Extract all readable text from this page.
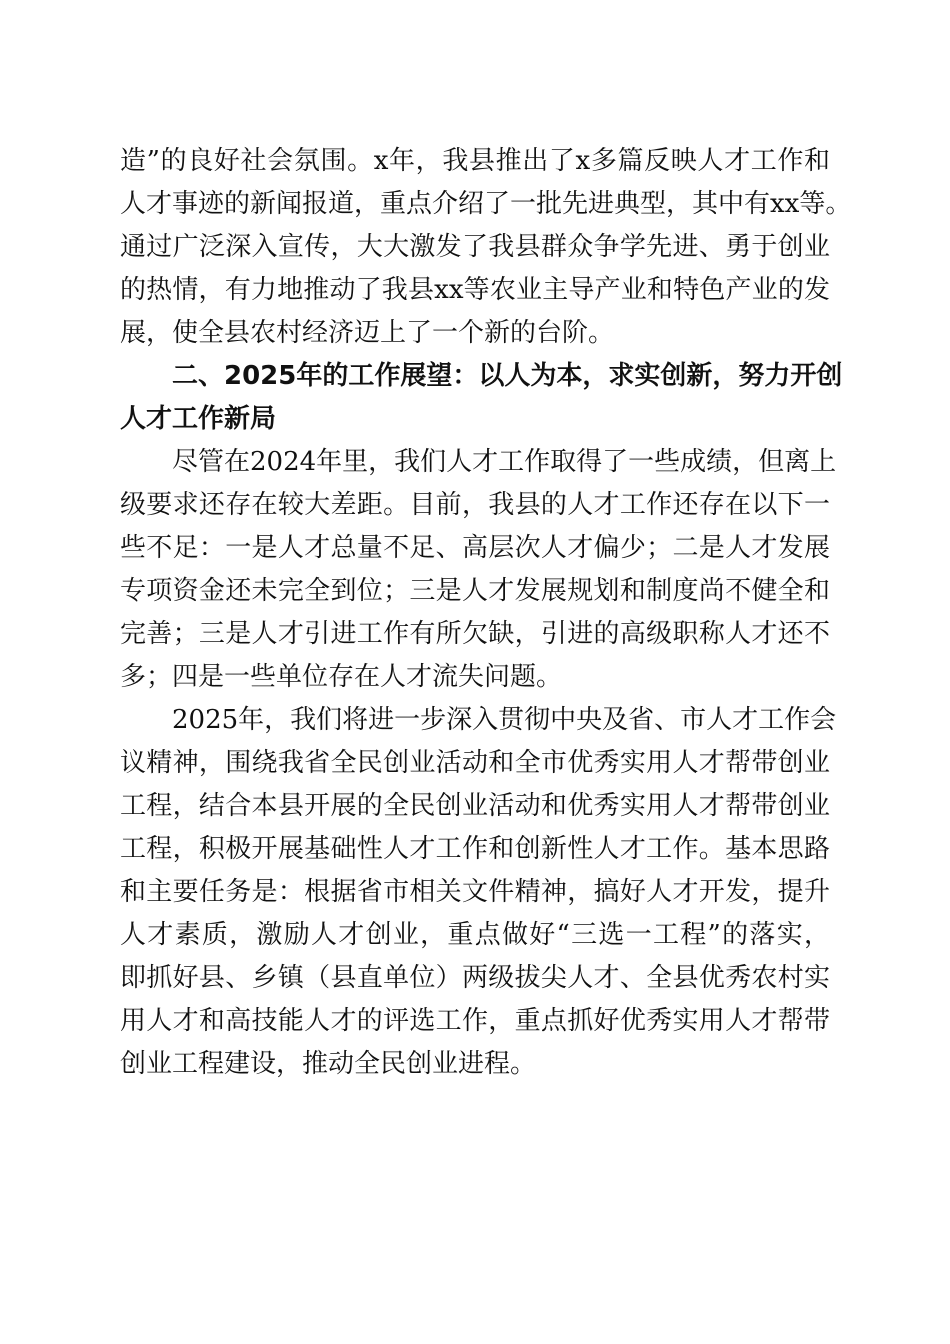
造”的良好社会氛围。x年，我县推出了x多篇反映人才工作和
人才事迹的新闻报道，重点介绍了一批先进典型，其中有xx等。
通过广泛深入宣传，大大激发了我县群众争学先进、勇于创业
的热情，有力地推动了我县xx等农业主导产业和特色产业的发
展，使全县农村经济迈上了一个新的台阶。
二、2025年的工作展望：以人为本，求实创新，努力开创
人才工作新局
尽管在2024年里，我们人才工作取得了一些成绩，但离上
级要求还存在较大差距。目前，我县的人才工作还存在以下一
些不足：一是人才总量不足、高层次人才偏少；二是人才发展
专项资金还未完全到位；三是人才发展规划和制度尚不健全和
完善；三是人才引进工作有所欠缺，引进的高级职称人才还不
多；四是一些单位存在人才流失问题。
2025年，我们将进一步深入贯彻中央及省、市人才工作会
议精神，围绕我省全民创业活动和全市优秀实用人才帮带创业
工程，结合本县开展的全民创业活动和优秀实用人才帮带创业
工程，积极开展基础性人才工作和创新性人才工作。基本思路
和主要任务是：根据省市相关文件精神，搞好人才开发，提升
人才素质，激励人才创业，重点做好“三选一工程”的落实，
即抓好县、乡镇（县直单位）两级拔尖人才、全县优秀农村实
用人才和高技能人才的评选工作，重点抓好优秀实用人才帮带
创业工程建设，推动全民创业进程。
